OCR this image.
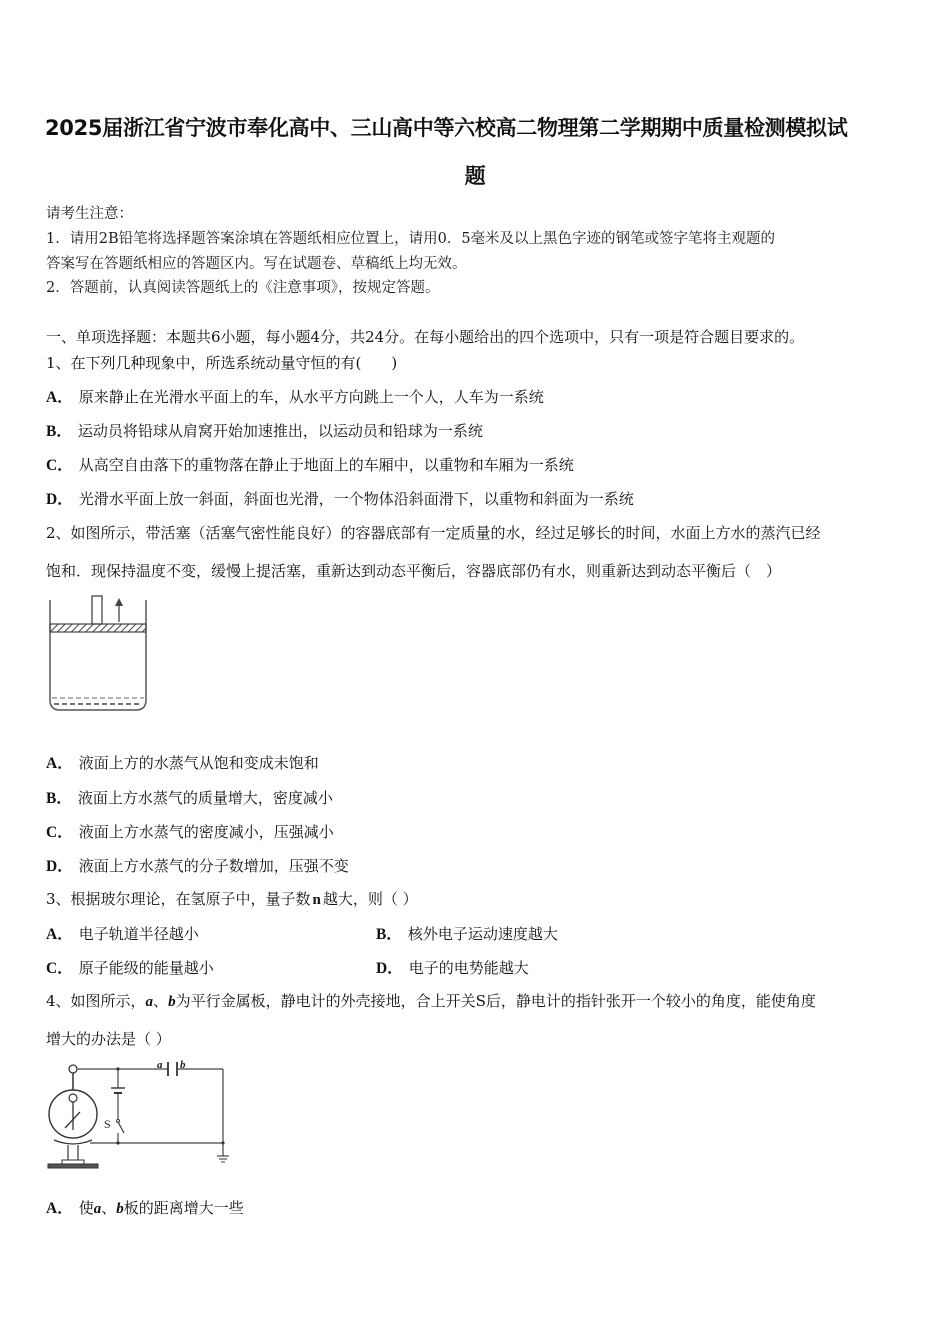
2025届浙江省宁波市奉化高中、三山高中等六校高二物理第二学期期中质量检测模拟试
题
请考生注意：
1．请用2B铅笔将选择题答案涂填在答题纸相应位置上，请用0．5毫米及以上黑色字迹的钢笔或签字笔将主观题的
答案写在答题纸相应的答题区内。写在试题卷、草稿纸上均无效。
2．答题前，认真阅读答题纸上的《注意事项》，按规定答题。
一、单项选择题：本题共6小题，每小题4分，共24分。在每小题给出的四个选项中，只有一项是符合题目要求的。
1、在下列几种现象中，所选系统动量守恒的有(　　)
A． 原来静止在光滑水平面上的车，从水平方向跳上一个人，人车为一系统
B． 运动员将铅球从肩窝开始加速推出，以运动员和铅球为一系统
C． 从高空自由落下的重物落在静止于地面上的车厢中，以重物和车厢为一系统
D． 光滑水平面上放一斜面，斜面也光滑，一个物体沿斜面滑下，以重物和斜面为一系统
2、如图所示，带活塞（活塞气密性能良好）的容器底部有一定质量的水，经过足够长的时间，水面上方水的蒸汽已经
饱和．现保持温度不变，缓慢上提活塞，重新达到动态平衡后，容器底部仍有水，则重新达到动态平衡后（　）
A． 液面上方的水蒸气从饱和变成未饱和
B． 液面上方水蒸气的质量增大，密度减小
C． 液面上方水蒸气的密度减小，压强减小
D． 液面上方水蒸气的分子数增加，压强不变
3、根据玻尔理论，在氢原子中，量子数 n 越大，则（ ）
A． 电子轨道半径越小	B． 核外电子运动速度越大
C． 原子能级的能量越小	D． 电子的电势能越大
4、如图所示，a、b为平行金属板，静电计的外壳接地，合上开关S后，静电计的指针张开一个较小的角度，能使角度
增大的办法是（ ）
a b
S
A． 使a、b板的距离增大一些
